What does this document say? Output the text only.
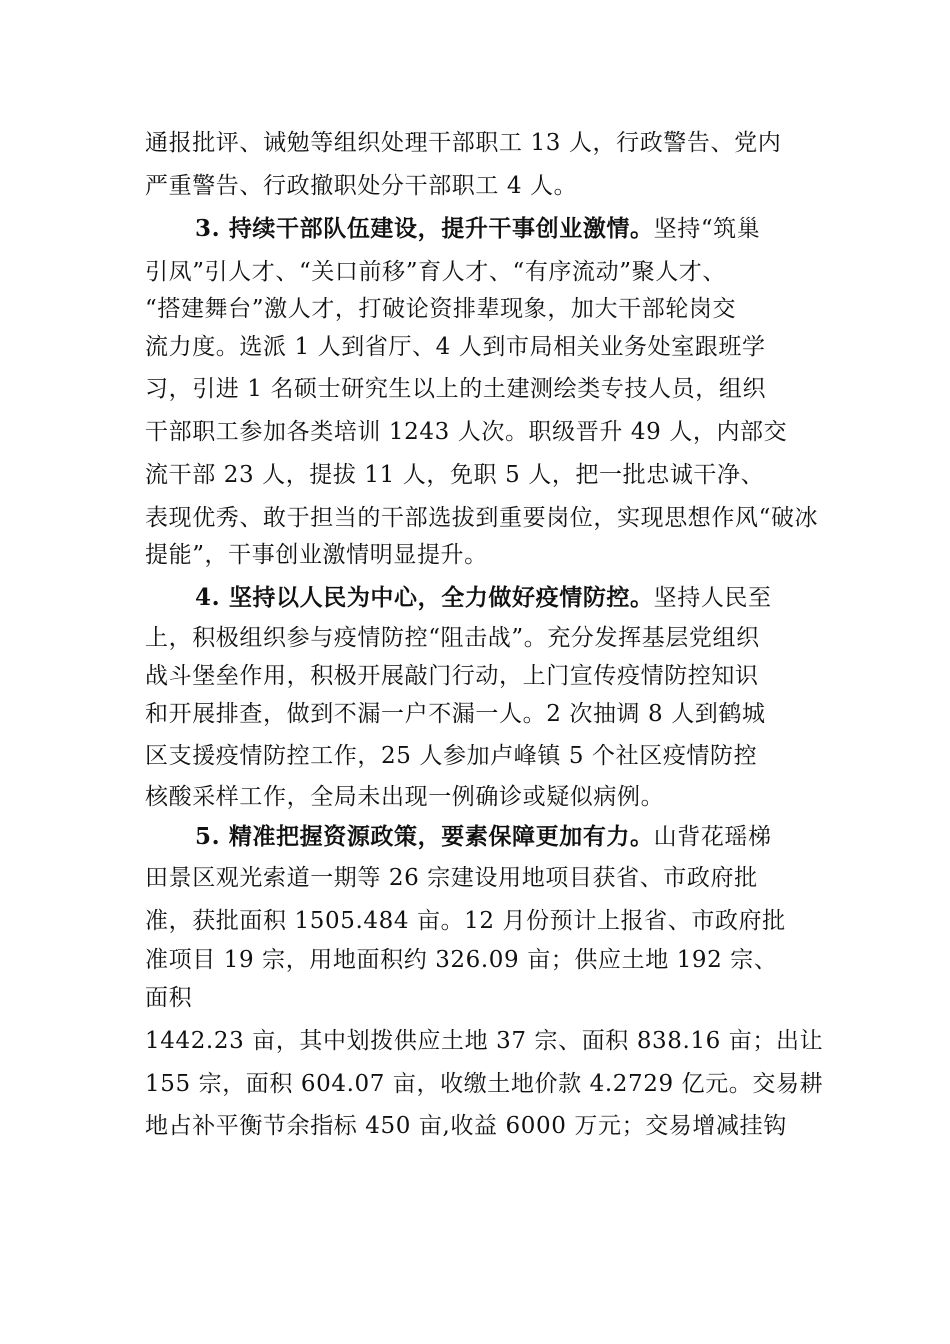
通报批评、诫勉等组织处理干部职工 13 人，行政警告、党内
严重警告、行政撤职处分干部职工 4 人。
3. 持续干部队伍建设，提升干事创业激情。坚持“筑巢
引凤”引人才、“关口前移”育人才、“有序流动”聚人才、
“搭建舞台”激人才，打破论资排辈现象，加大干部轮岗交
流力度。选派 1 人到省厅、4 人到市局相关业务处室跟班学
习，引进 1 名硕士研究生以上的土建测绘类专技人员，组织
干部职工参加各类培训 1243 人次。职级晋升 49 人，内部交
流干部 23 人，提拔 11 人，免职 5 人，把一批忠诚干净、
表现优秀、敢于担当的干部选拔到重要岗位，实现思想作风“破冰
提能”，干事创业激情明显提升。
4. 坚持以人民为中心，全力做好疫情防控。坚持人民至
上，积极组织参与疫情防控“阻击战”。充分发挥基层党组织
战斗堡垒作用，积极开展敲门行动，上门宣传疫情防控知识
和开展排查，做到不漏一户不漏一人。2 次抽调 8 人到鹤城
区支援疫情防控工作，25 人参加卢峰镇 5 个社区疫情防控
核酸采样工作，全局未出现一例确诊或疑似病例。
5. 精准把握资源政策，要素保障更加有力。山背花瑶梯
田景区观光索道一期等 26 宗建设用地项目获省、市政府批
准，获批面积 1505.484 亩。12 月份预计上报省、市政府批
准项目 19 宗，用地面积约 326.09 亩；供应土地 192 宗、
面积
1442.23 亩，其中划拨供应土地 37 宗、面积 838.16 亩；出让
155 宗，面积 604.07 亩，收缴土地价款 4.2729 亿元。交易耕
地占补平衡节余指标 450 亩,收益 6000 万元；交易增减挂钩
